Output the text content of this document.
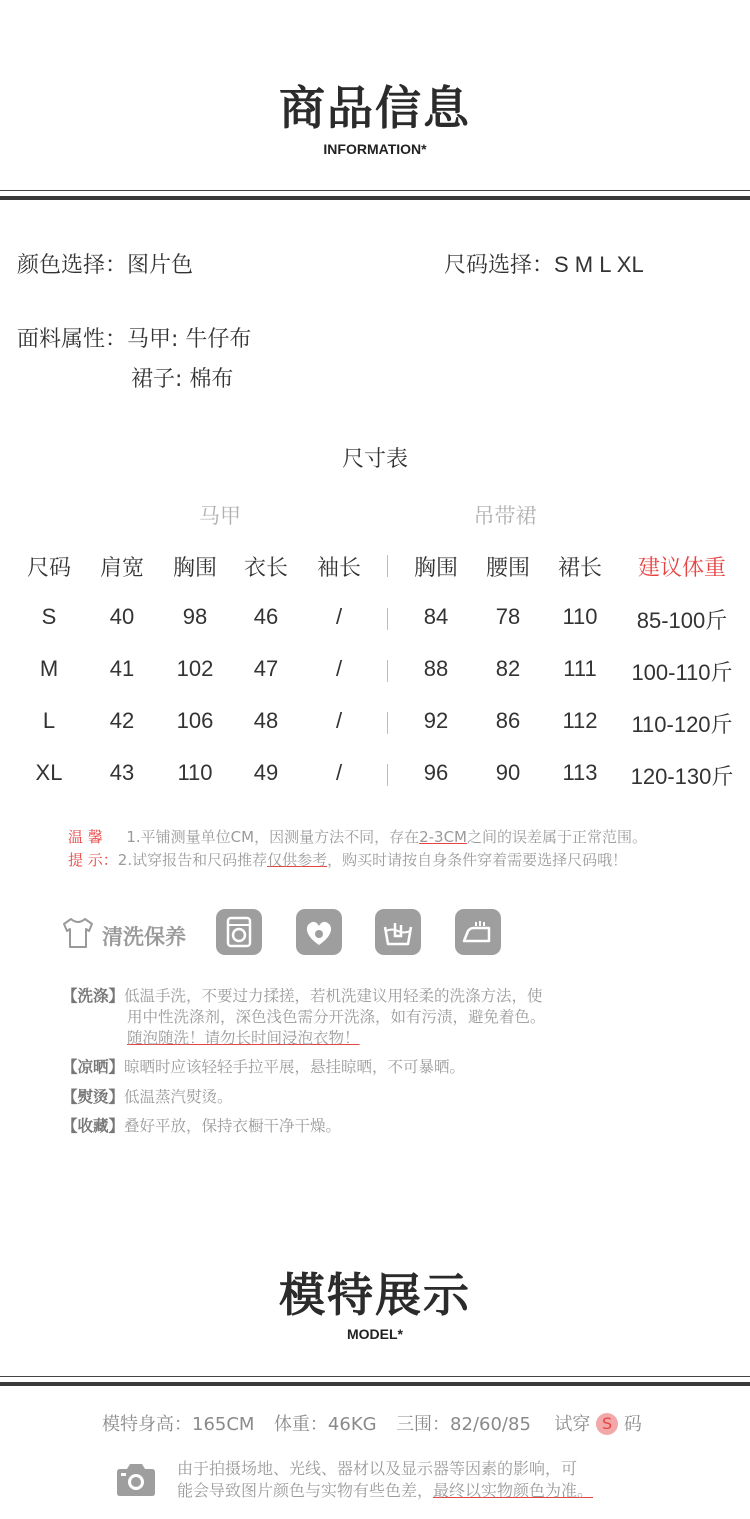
商品信息
INFORMATION*
颜色选择：图片色	尺码选择：S M L XL
面料属性：马甲: 牛仔布
裙子: 棉布
尺寸表
马甲	吊带裙
尺码	肩宽	胸围	衣长	袖长	胸围	腰围	裙长	建议体重
S	40	98	46	/	84	78	110	85-100斤
M	41	102	47	/	88	82	111	100-110斤
L	42	106	48	/	92	86	112	110-120斤
XL	43	110	49	/	96	90	113	120-130斤
温 馨 1.平铺测量单位CM，因测量方法不同，存在2-3CM之间的误差属于正常范围。
提 示：2.试穿报告和尺码推荐仅供参考，购买时请按自身条件穿着需要选择尺码哦！
清洗保养
【洗涤】低温手洗，不要过力揉搓，若机洗建议用轻柔的洗涤方法，使
用中性洗涤剂，深色浅色需分开洗涤，如有污渍，避免着色。
随泡随洗！请勿长时间浸泡衣物！
【凉晒】晾晒时应该轻轻手拉平展，悬挂晾晒，不可暴晒。
【熨烫】低温蒸汽熨烫。
【收藏】叠好平放，保持衣橱干净干燥。
模特展示
MODEL*
模特身高：165CM 体重：46KG 三围：82/60/85 试穿 S 码
由于拍摄场地、光线、器材以及显示器等因素的影响，可
能会导致图片颜色与实物有些色差，最终以实物颜色为准。
